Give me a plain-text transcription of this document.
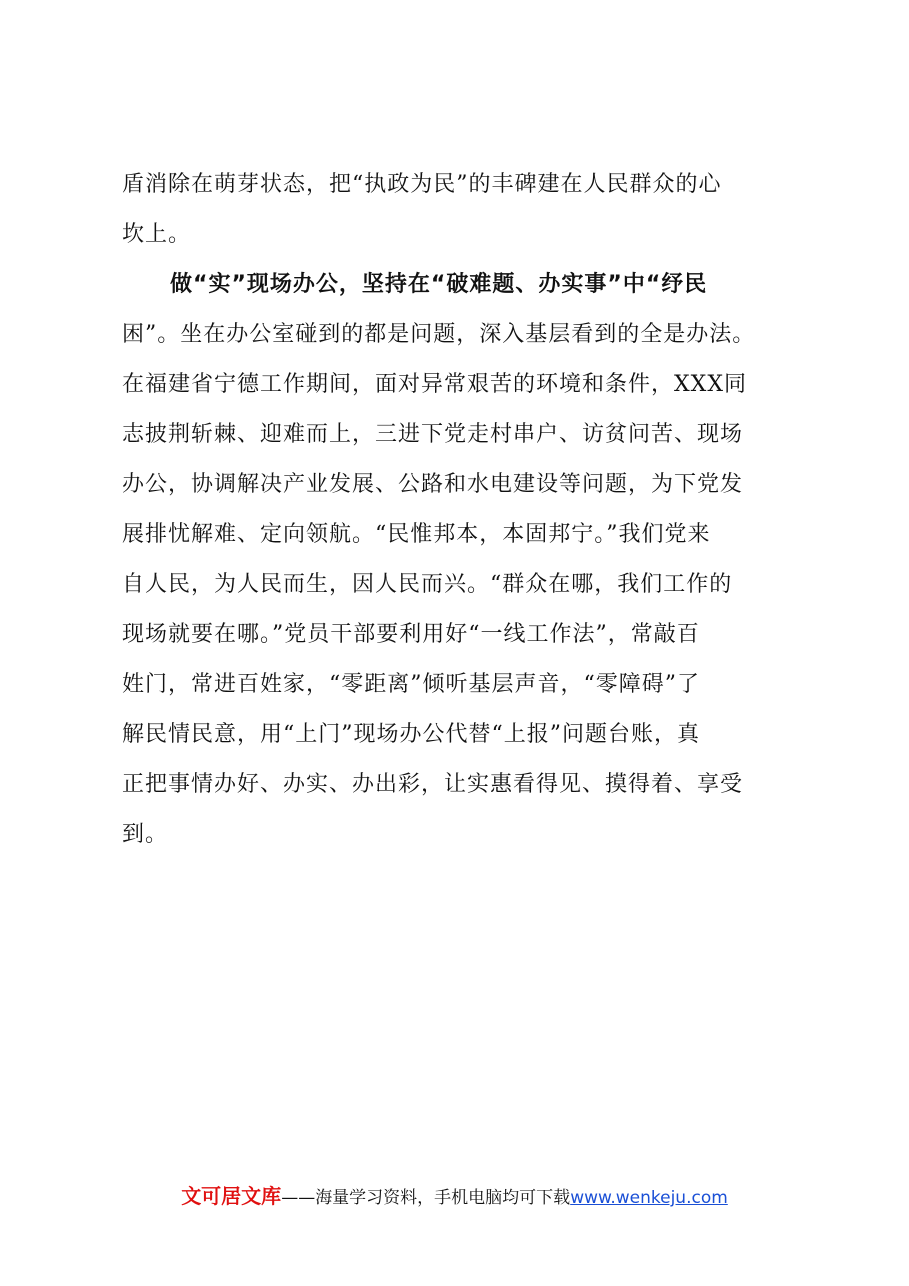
盾消除在萌芽状态，把“执政为民”的丰碑建在人民群众的心
坎上。
做“实”现场办公，坚持在“破难题、办实事”中“纾民
困”。坐在办公室碰到的都是问题，深入基层看到的全是办法。
在福建省宁德工作期间，面对异常艰苦的环境和条件，XXX同
志披荆斩棘、迎难而上，三进下党走村串户、访贫问苦、现场
办公，协调解决产业发展、公路和水电建设等问题，为下党发
展排忧解难、定向领航。“民惟邦本，本固邦宁。”我们党来
自人民，为人民而生，因人民而兴。“群众在哪，我们工作的
现场就要在哪。”党员干部要利用好“一线工作法”，常敲百
姓门，常进百姓家，“零距离”倾听基层声音，“零障碍”了
解民情民意，用“上门”现场办公代替“上报”问题台账，真
正把事情办好、办实、办出彩，让实惠看得见、摸得着、享受
到。
文可居文库——海量学习资料，手机电脑均可下载www.wenkeju.com
